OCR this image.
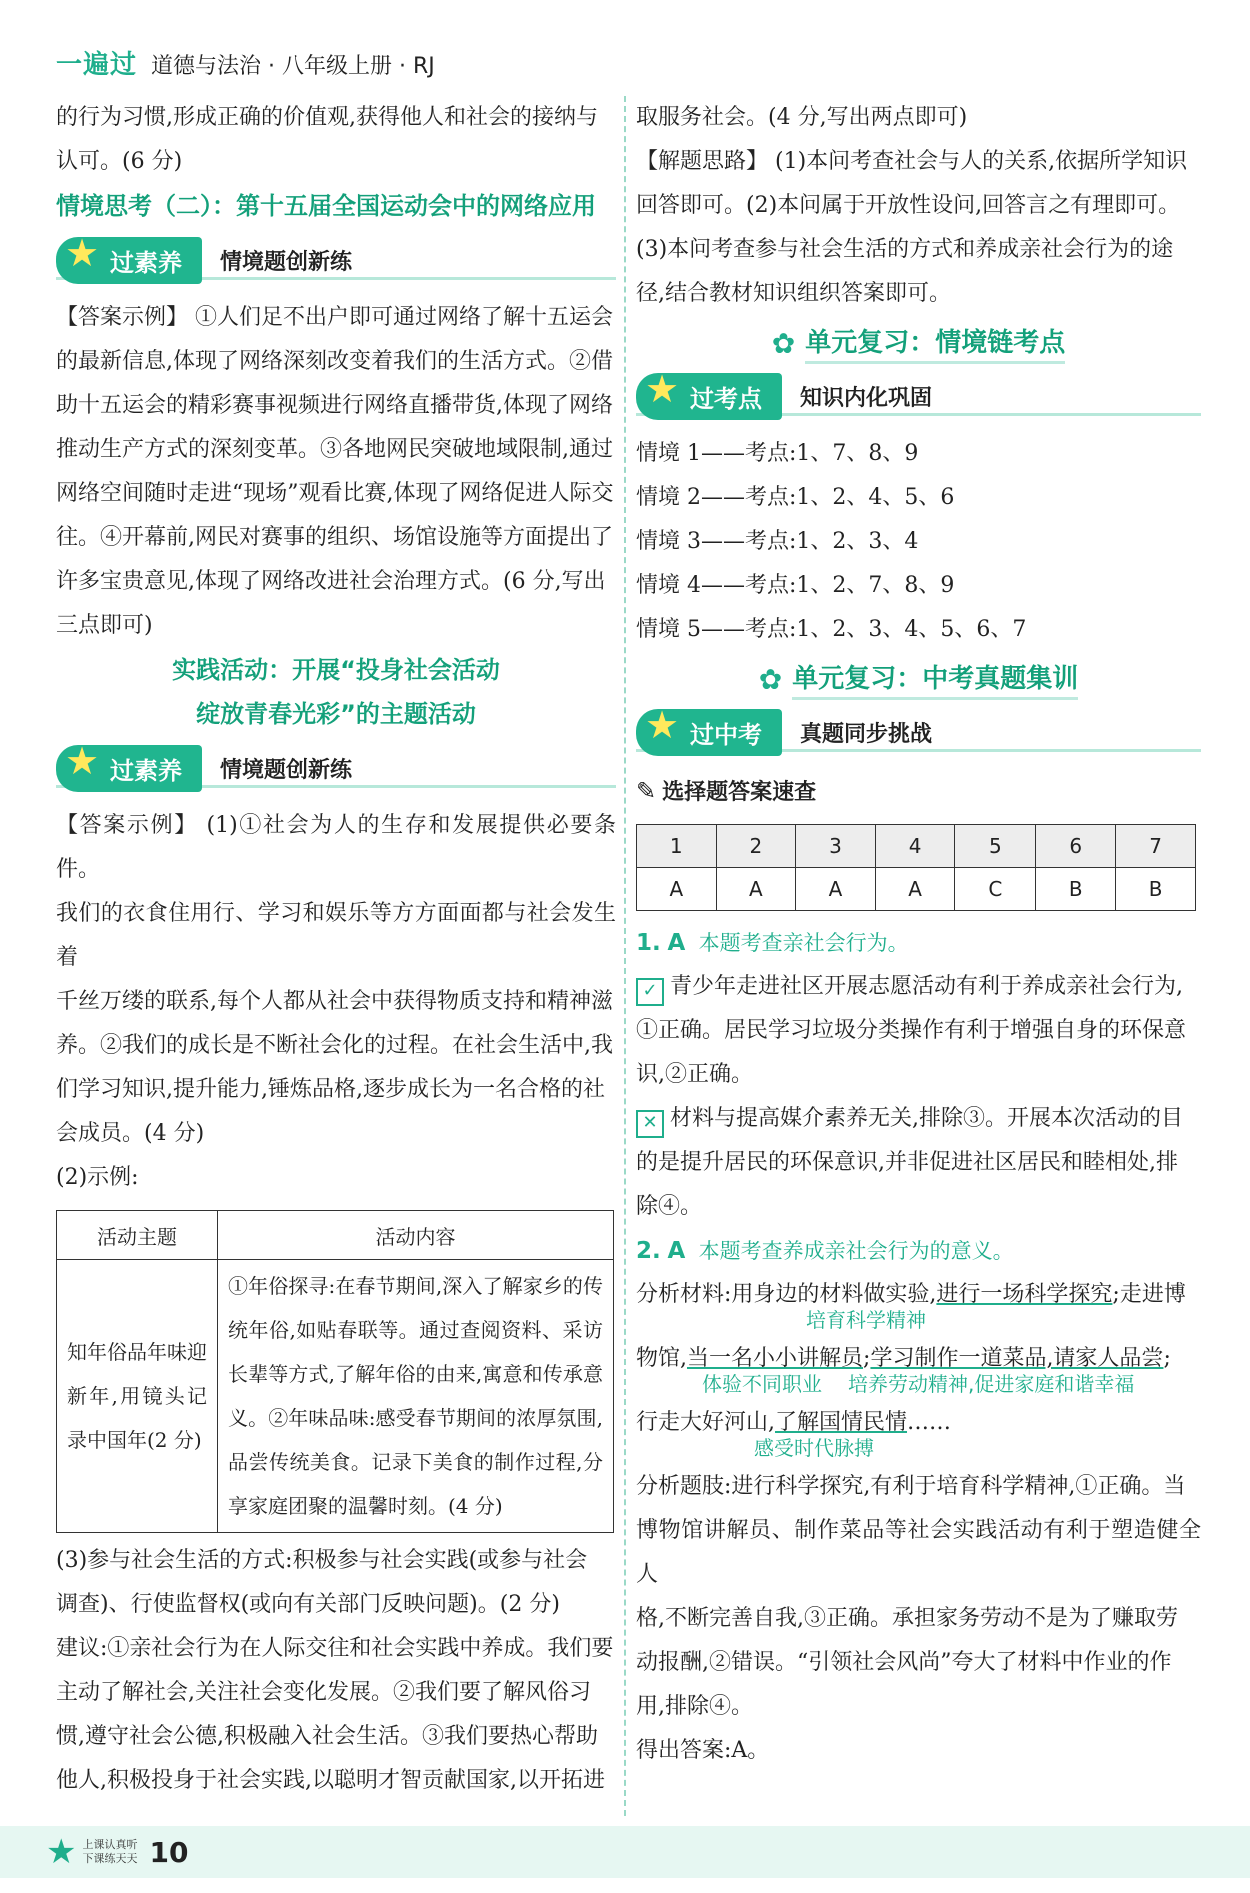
一遍过 道德与法治 · 八年级上册 · RJ

的行为习惯,形成正确的价值观,获得他人和社会的接纳与

认可。(6 分)

情境思考（二）：第十五届全国运动会中的网络应用
★ 过素养	情境题创新练

【答案示例】 ①人们足不出户即可通过网络了解十五运会

的最新信息,体现了网络深刻改变着我们的生活方式。②借

助十五运会的精彩赛事视频进行网络直播带货,体现了网络

推动生产方式的深刻变革。③各地网民突破地域限制,通过

网络空间随时走进“现场”观看比赛,体现了网络促进人际交

往。④开幕前,网民对赛事的组织、场馆设施等方面提出了

许多宝贵意见,体现了网络改进社会治理方式。(6 分,写出

三点即可)

实践活动：开展“投身社会活动
绽放青春光彩”的主题活动
★ 过素养	情境题创新练

【答案示例】 (1)①社会为人的生存和发展提供必要条件。

我们的衣食住用行、学习和娱乐等方方面面都与社会发生着

千丝万缕的联系,每个人都从社会中获得物质支持和精神滋

养。②我们的成长是不断社会化的过程。在社会生活中,我

们学习知识,提升能力,锤炼品格,逐步成长为一名合格的社

会成员。(4 分)

(2)示例:

活动主题	活动内容
知年俗品年味迎新年,用镜头记录中国年(2 分)	①年俗探寻:在春节期间,深入了解家乡的传统年俗,如贴春联等。通过查阅资料、采访长辈等方式,了解年俗的由来,寓意和传承意义。②年味品味:感受春节期间的浓厚氛围,品尝传统美食。记录下美食的制作过程,分享家庭团聚的温馨时刻。(4 分)

(3)参与社会生活的方式:积极参与社会实践(或参与社会

调查)、行使监督权(或向有关部门反映问题)。(2 分)

建议:①亲社会行为在人际交往和社会实践中养成。我们要

主动了解社会,关注社会变化发展。②我们要了解风俗习

惯,遵守社会公德,积极融入社会生活。③我们要热心帮助

他人,积极投身于社会实践,以聪明才智贡献国家,以开拓进

取服务社会。(4 分,写出两点即可)

【解题思路】 (1)本问考查社会与人的关系,依据所学知识

回答即可。(2)本问属于开放性设问,回答言之有理即可。

(3)本问考查参与社会生活的方式和养成亲社会行为的途

径,结合教材知识组织答案即可。

✿ 单元复习：情境链考点
★ 过考点	知识内化巩固

情境 1——考点:1、7、8、9

情境 2——考点:1、2、4、5、6

情境 3——考点:1、2、3、4

情境 4——考点:1、2、7、8、9

情境 5——考点:1、2、3、4、5、6、7

✿ 单元复习：中考真题集训
★ 过中考	真题同步挑战
✎ 选择题答案速查
1	2	3	4	5	6	7
A	A	A	A	C	B	B
1. A 本题考查亲社会行为。

✓ 青少年走进社区开展志愿活动有利于养成亲社会行为,

①正确。居民学习垃圾分类操作有利于增强自身的环保意

识,②正确。

✕ 材料与提高媒介素养无关,排除③。开展本次活动的目

的是提升居民的环保意识,并非促进社区居民和睦相处,排

除④。

2. A 本题考查养成亲社会行为的意义。

分析材料:用身边的材料做实验,进行一场科学探究;走进博

培育科学精神

物馆,当一名小小讲解员;学习制作一道菜品,请家人品尝;

体验不同职业 培养劳动精神,促进家庭和谐幸福

行走大好河山,了解国情民情……

感受时代脉搏

分析题肢:进行科学探究,有利于培育科学精神,①正确。当

博物馆讲解员、制作菜品等社会实践活动有利于塑造健全人

格,不断完善自我,③正确。承担家务劳动不是为了赚取劳

动报酬,②错误。“引领社会风尚”夸大了材料中作业的作

用,排除④。

得出答案:A。

★ 上课认真听
下课练天天 10
